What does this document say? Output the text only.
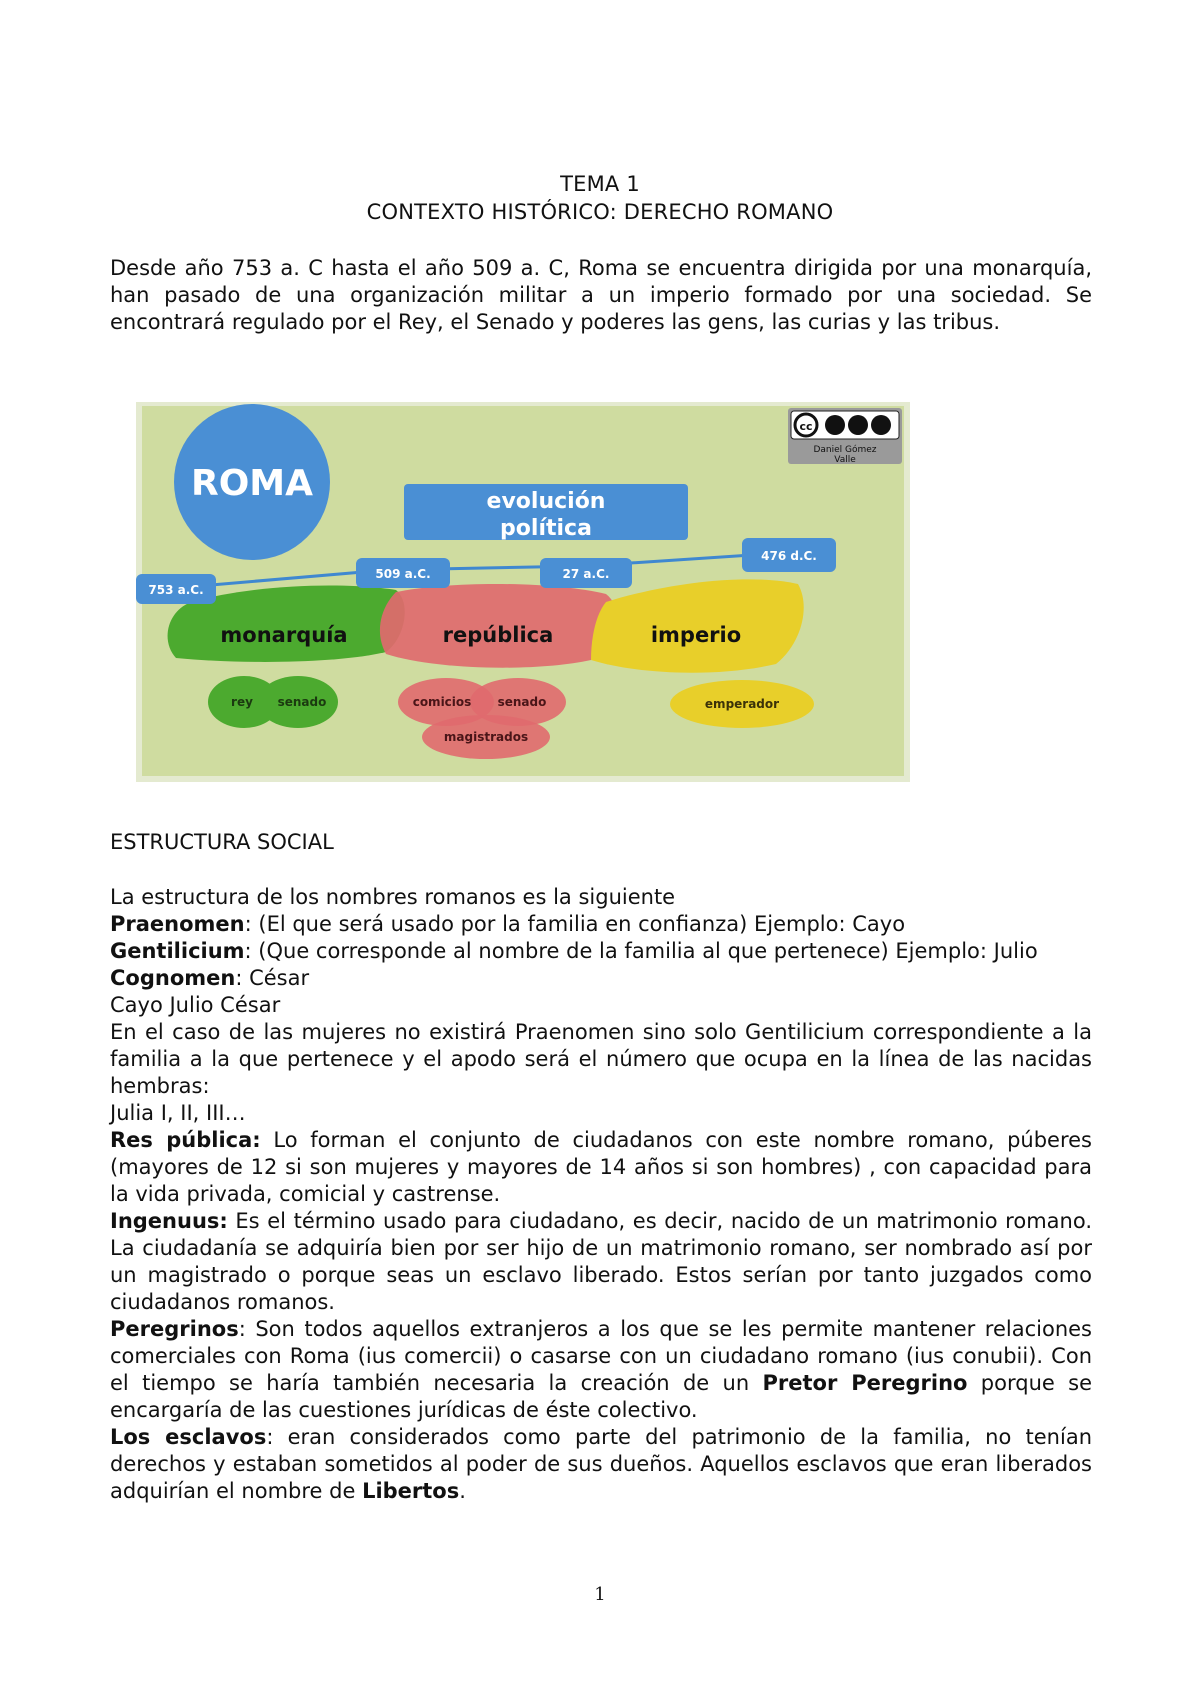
TEMA 1
CONTEXTO HISTÓRICO: DERECHO ROMANO
Desde año 753 a. C hasta el año 509 a. C, Roma se encuentra dirigida por una monarquía, han pasado de una organización militar a un imperio formado por una sociedad. Se encontrará regulado por el Rey, el Senado y poderes las gens, las curias y las tribus.
cc
Daniel Gómez
Valle
ROMA	evolución
política
monarquía	república	imperio
753 a.C.
509 a.C.	27 a.C.
476 d.C.
rey senado	comicios senado
magistrados
emperador
ESTRUCTURA SOCIAL
La estructura de los nombres romanos es la siguiente
Praenomen: (El que será usado por la familia en confianza) Ejemplo: Cayo
Gentilicium: (Que corresponde al nombre de la familia al que pertenece) Ejemplo: Julio
Cognomen: César
Cayo Julio César
En el caso de las mujeres no existirá Praenomen sino solo Gentilicium correspondiente a la familia a la que pertenece y el apodo será el número que ocupa en la línea de las nacidas hembras:
Julia I, II, III…
Res pública: Lo forman el conjunto de ciudadanos con este nombre romano, púberes (mayores de 12 si son mujeres y mayores de 14 años si son hombres) , con capacidad para la vida privada, comicial y castrense.
Ingenuus: Es el término usado para ciudadano, es decir, nacido de un matrimonio romano. La ciudadanía se adquiría bien por ser hijo de un matrimonio romano, ser nombrado así por un magistrado o porque seas un esclavo liberado. Estos serían por tanto juzgados como ciudadanos romanos.
Peregrinos: Son todos aquellos extranjeros a los que se les permite mantener relaciones comerciales con Roma (ius comercii) o casarse con un ciudadano romano (ius conubii). Con el tiempo se haría también necesaria la creación de un Pretor Peregrino porque se encargaría de las cuestiones jurídicas de éste colectivo.
Los esclavos: eran considerados como parte del patrimonio de la familia, no tenían derechos y estaban sometidos al poder de sus dueños. Aquellos esclavos que eran liberados adquirían el nombre de Libertos.
1
